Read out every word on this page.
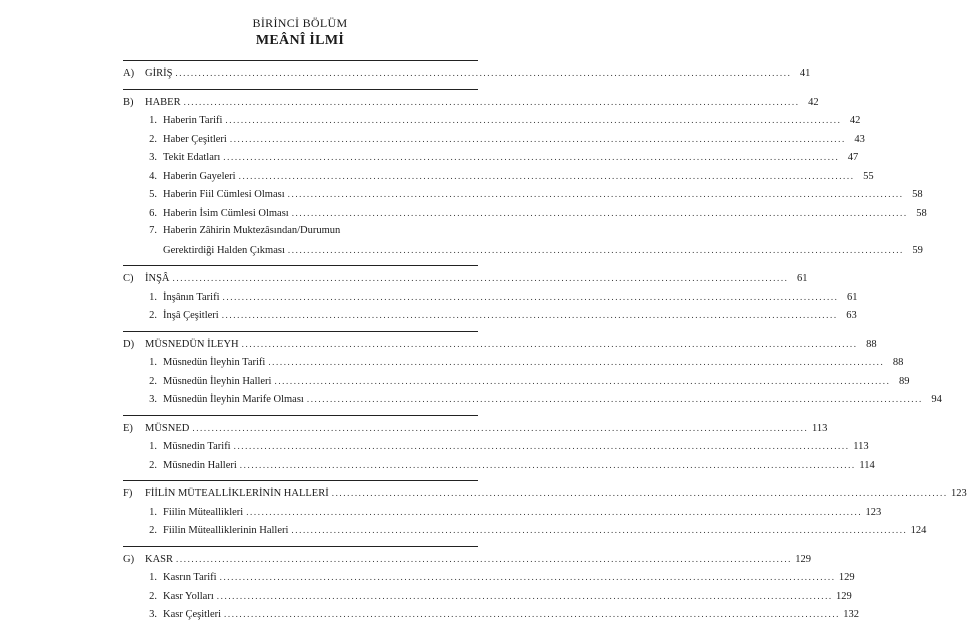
BİRİNCİ BÖLÜM
MEÂNÎ İLMİ
A)	GİRİŞ .....	41
B)	HABER .....	42
1. Haberin Tarifi .....	42
2. Haber Çeşitleri .....	43
3. Tekit Edatları .....	47
4. Haberin Gayeleri .....	55
5. Haberin Fiil Cümlesi Olması .....	58
6. Haberin İsim Cümlesi Olması .....	58
7. Haberin Zâhirin Muktezâsından/Durumun
Gerektirdiği Halden Çıkması .....	59
C)	İNŞÂ .....	61
1. İnşânın Tarifi .....	61
2. İnşâ Çeşitleri .....	63
D)	MÜSNEDÜN İLEYH .....	88
1. Müsnedün İleyhin Tarifi .....	88
2. Müsnedün İleyhin Halleri .....	89
3. Müsnedün İleyhin Marife Olması .....	94
E)	MÜSNED .....	113
1. Müsnedin Tarifi .....	113
2. Müsnedin Halleri .....	114
F)	FİİLİN MÜTEALLİKLERİNİN HALLERİ .....	123
1. Fiilin Müteallikleri .....	123
2. Fiilin Mütealliklerinin Halleri .....	124
G)	KASR .....	129
1. Kasrın Tarifi .....	129
2. Kasr Yolları .....	129
3. Kasr Çeşitleri .....	132
